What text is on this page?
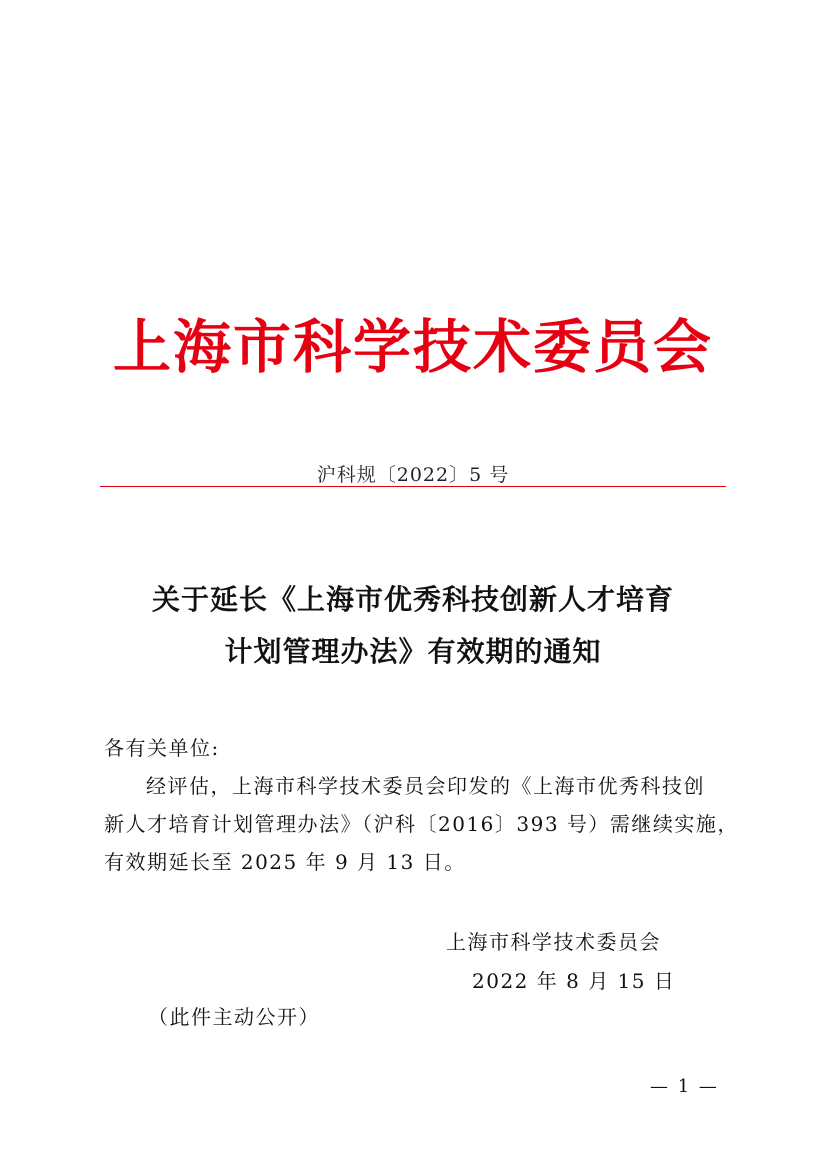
上海市科学技术委员会
沪科规〔2022〕5 号
关于延长《上海市优秀科技创新人才培育
计划管理办法》有效期的通知
各有关单位:
经评估，上海市科学技术委员会印发的《上海市优秀科技创
新人才培育计划管理办法》（沪科〔2016〕393 号）需继续实施，
有效期延长至 2025 年 9 月 13 日。
上海市科学技术委员会
2022 年 8 月 15 日
（此件主动公开）
— 1 —
